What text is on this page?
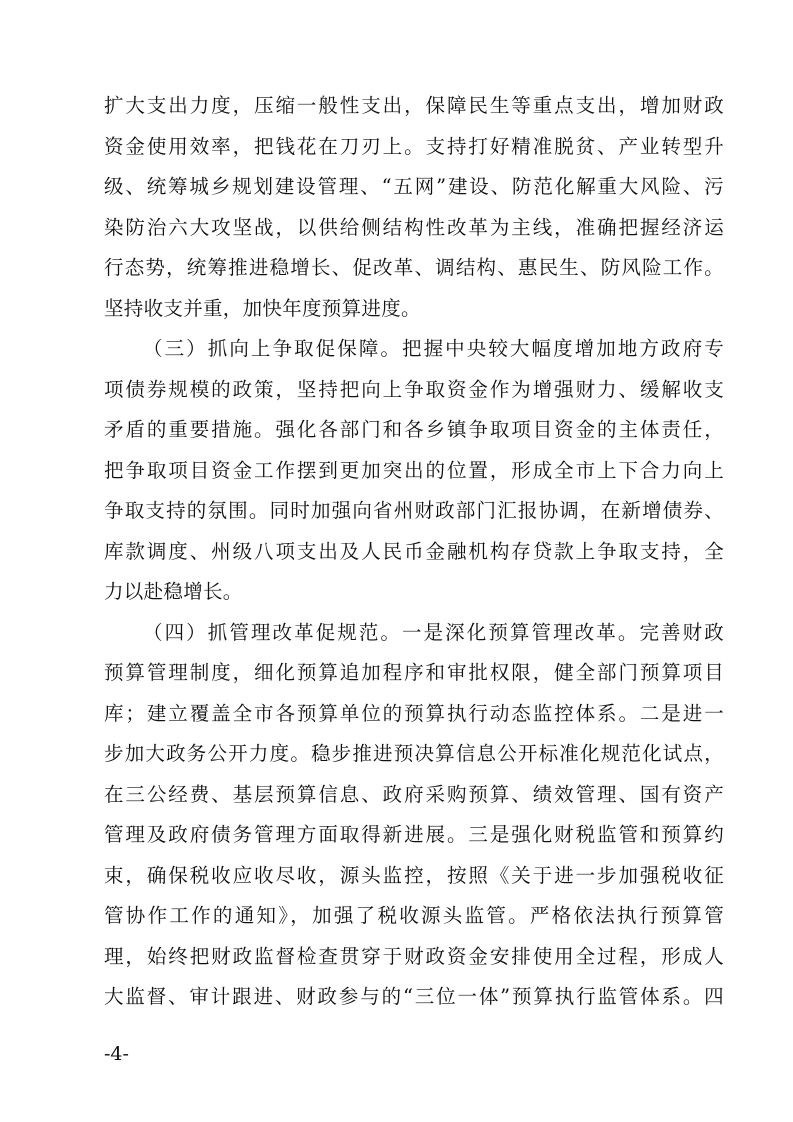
扩大支出力度，压缩一般性支出，保障民生等重点支出，增加财政
资金使用效率，把钱花在刀刃上。支持打好精准脱贫、产业转型升
级、统筹城乡规划建设管理、“五网”建设、防范化解重大风险、污
染防治六大攻坚战，以供给侧结构性改革为主线，准确把握经济运
行态势，统筹推进稳增长、促改革、调结构、惠民生、防风险工作。
坚持收支并重，加快年度预算进度。
（三）抓向上争取促保障。把握中央较大幅度增加地方政府专
项债券规模的政策，坚持把向上争取资金作为增强财力、缓解收支
矛盾的重要措施。强化各部门和各乡镇争取项目资金的主体责任，
把争取项目资金工作摆到更加突出的位置，形成全市上下合力向上
争取支持的氛围。同时加强向省州财政部门汇报协调，在新增债券、
库款调度、州级八项支出及人民币金融机构存贷款上争取支持，全
力以赴稳增长。
（四）抓管理改革促规范。一是深化预算管理改革。完善财政
预算管理制度，细化预算追加程序和审批权限，健全部门预算项目
库；建立覆盖全市各预算单位的预算执行动态监控体系。二是进一
步加大政务公开力度。稳步推进预决算信息公开标准化规范化试点，
在三公经费、基层预算信息、政府采购预算、绩效管理、国有资产
管理及政府债务管理方面取得新进展。三是强化财税监管和预算约
束，确保税收应收尽收，源头监控，按照《关于进一步加强税收征
管协作工作的通知》，加强了税收源头监管。严格依法执行预算管
理，始终把财政监督检查贯穿于财政资金安排使用全过程，形成人
大监督、审计跟进、财政参与的“三位一体”预算执行监管体系。四
-4-
